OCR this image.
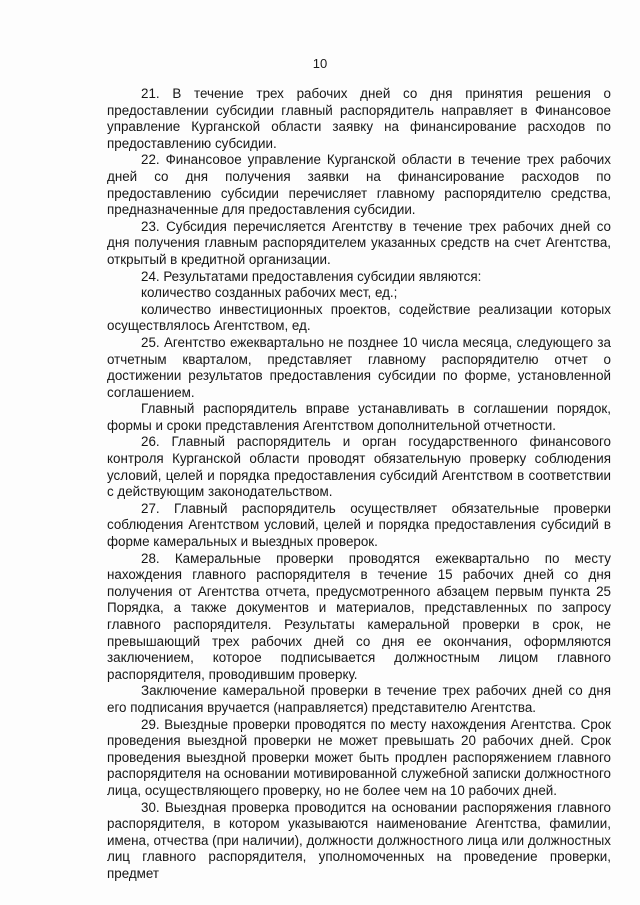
10

21. В течение трех рабочих дней со дня принятия решения о предоставлении субсидии главный распорядитель направляет в Финансовое управление Курганской области заявку на финансирование расходов по предоставлению субсидии.

22. Финансовое управление Курганской области в течение трех рабочих дней со дня получения заявки на финансирование расходов по предоставлению субсидии перечисляет главному распорядителю средства, предназначенные для предоставления субсидии.

23. Субсидия перечисляется Агентству в течение трех рабочих дней со дня получения главным распорядителем указанных средств на счет Агентства, открытый в кредитной организации.

24. Результатами предоставления субсидии являются:

количество созданных рабочих мест, ед.;

количество инвестиционных проектов, содействие реализации которых осуществлялось Агентством, ед.

25. Агентство ежеквартально не позднее 10 числа месяца, следующего за отчетным кварталом, представляет главному распорядителю отчет о достижении результатов предоставления субсидии по форме, установленной соглашением.

Главный распорядитель вправе устанавливать в соглашении порядок, формы и сроки представления Агентством дополнительной отчетности.

26. Главный распорядитель и орган государственного финансового контроля Курганской области проводят обязательную проверку соблюдения условий, целей и порядка предоставления субсидий Агентством в соответствии с действующим законодательством.

27. Главный распорядитель осуществляет обязательные проверки соблюдения Агентством условий, целей и порядка предоставления субсидий в форме камеральных и выездных проверок.

28. Камеральные проверки проводятся ежеквартально по месту нахождения главного распорядителя в течение 15 рабочих дней со дня получения от Агентства отчета, предусмотренного абзацем первым пункта 25 Порядка, а также документов и материалов, представленных по запросу главного распорядителя. Результаты камеральной проверки в срок, не превышающий трех рабочих дней со дня ее окончания, оформляются заключением, которое подписывается должностным лицом главного распорядителя, проводившим проверку.

Заключение камеральной проверки в течение трех рабочих дней со дня его подписания вручается (направляется) представителю Агентства.

29. Выездные проверки проводятся по месту нахождения Агентства. Срок проведения выездной проверки не может превышать 20 рабочих дней. Срок проведения выездной проверки может быть продлен распоряжением главного распорядителя на основании мотивированной служебной записки должностного лица, осуществляющего проверку, но не более чем на 10 рабочих дней.

30. Выездная проверка проводится на основании распоряжения главного распорядителя, в котором указываются наименование Агентства, фамилии, имена, отчества (при наличии), должности должностного лица или должностных лиц главного распорядителя, уполномоченных на проведение проверки, предмет
